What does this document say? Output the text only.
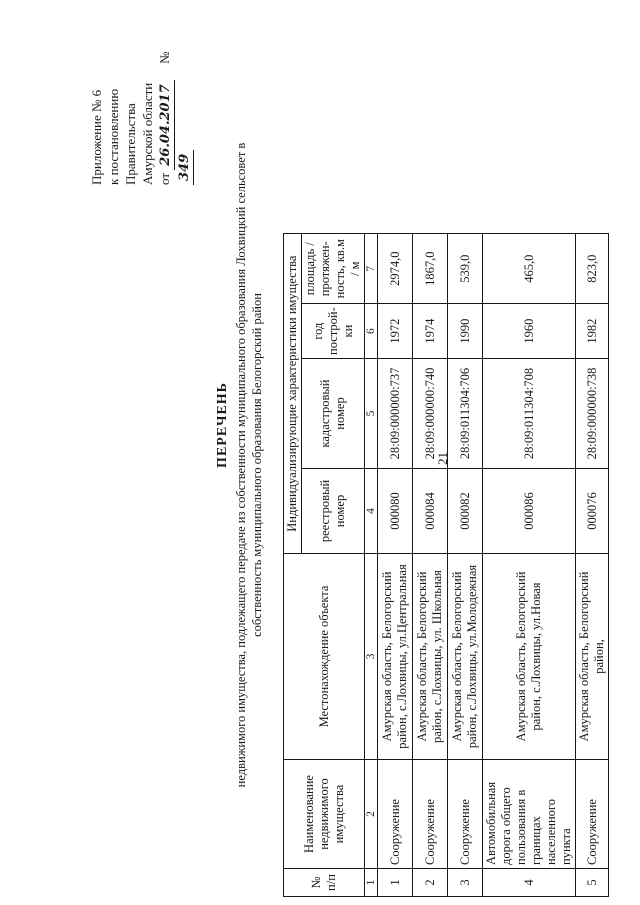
21
Приложение № 6 к постановлению Правительства Амурской области от 26.04.2017  № 349
ПЕРЕЧЕНЬ недвижимого имущества, подлежащего передаче из собственности муниципального образования Лохвицкий сельсовет в собственность муниципального образования Белогорский район
№ п/п	Наименование недвижимого имущества	Местонахождение объекта	Индивидуализирующие характеристики имущества			
			реестровый номер	кадастровый номер	год построй-ки	площадь / протяжен-ность, кв.м / м
1	2	3	4	5	6	7
1	Сооружение	Амурская область, Белогорский район, с.Лохвицы, ул.Центральная	000080	28:09:000000:737	1972	2974,0
2	Сооружение	Амурская область, Белогорский район, с.Лохвицы, ул. Школьная	000084	28:09:000000:740	1974	1867,0
3	Сооружение	Амурская область, Белогорский район, с.Лохвицы, ул.Молодежная	000082	28:09:011304:706	1990	539,0
4	Автомобильная дорога общего пользования в границах населенного пункта	Амурская область, Белогорский район, с.Лохвицы, ул.Новая	000086	28:09:011304:708	1960	465,0
5	Сооружение	Амурская область, Белогорский район,	000076	28:09:000000:738	1982	823,0
